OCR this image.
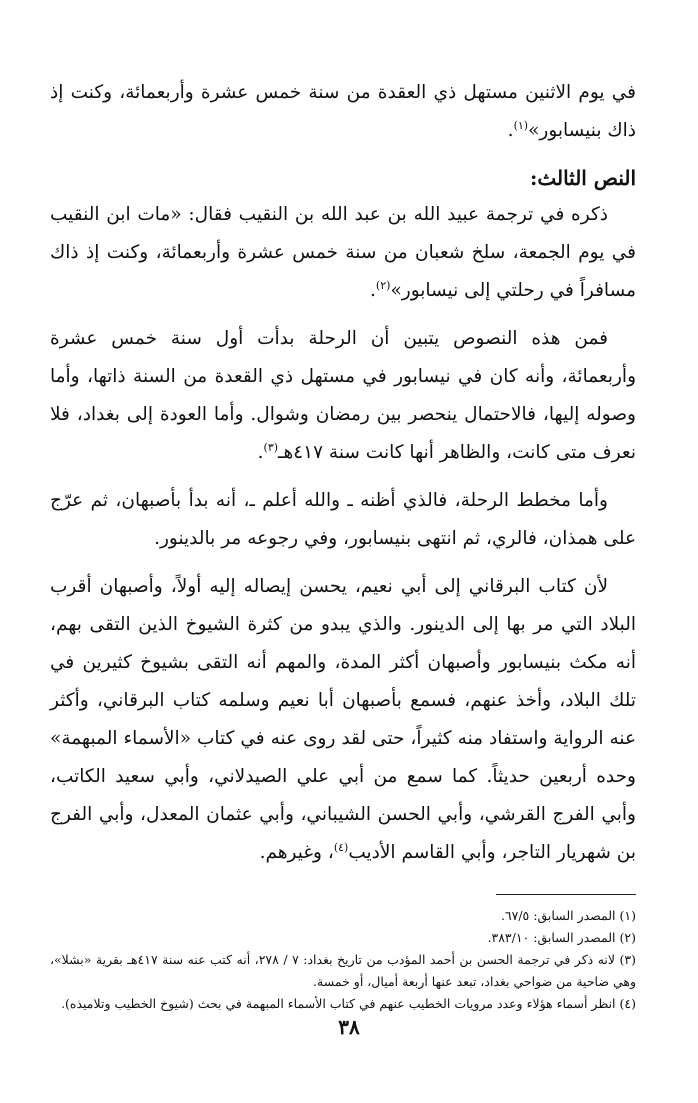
في يوم الاثنين مستهل ذي العقدة من سنة خمس عشرة وأربعمائة، وكنت إذ ذاك بنيسابور»$^{(١)}$.

النص الثالث:

ذكره في ترجمة عبيد الله بن عبد الله بن النقيب فقال: «مات ابن النقيب في يوم الجمعة، سلخ شعبان من سنة خمس عشرة وأربعمائة، وكنت إذ ذاك مسافراً في رحلتي إلى نيسابور»$^{(٢)}$.

فمن هذه النصوص يتبين أن الرحلة بدأت أول سنة خمس عشرة وأربعمائة، وأنه كان في نيسابور في مستهل ذي القعدة من السنة ذاتها، وأما وصوله إليها، فالاحتمال ينحصر بين رمضان وشوال. وأما العودة إلى بغداد، فلا نعرف متى كانت، والظاهر أنها كانت سنة ٤١٧هـ$^{(٣)}$.

وأما مخطط الرحلة، فالذي أظنه ـ والله أعلم ـ، أنه بدأ بأصبهان، ثم عرّج على همذان، فالري، ثم انتهى بنيسابور، وفي رجوعه مر بالدينور.

لأن كتاب البرقاني إلى أبي نعيم، يحسن إيصاله إليه أولاً، وأصبهان أقرب البلاد التي مر بها إلى الدينور. والذي يبدو من كثرة الشيوخ الذين التقى بهم، أنه مكث بنيسابور وأصبهان أكثر المدة، والمهم أنه التقى بشيوخ كثيرين في تلك البلاد، وأخذ عنهم، فسمع بأصبهان أبا نعيم وسلمه كتاب البرقاني، وأكثر عنه الرواية واستفاد منه كثيراً، حتى لقد روى عنه في كتاب «الأسماء المبهمة» وحده أربعين حديثاً. كما سمع من أبي علي الصيدلاني، وأبي سعيد الكاتب، وأبي الفرج القرشي، وأبي الحسن الشيباني، وأبي عثمان المعدل، وأبي الفرج بن شهريار التاجر، وأبي القاسم الأديب$^{(٤)}$، وغيرهم.

(١) المصدر السابق: ٦٧/٥.

(٢) المصدر السابق: ٣٨٣/١٠.

(٣) لانه ذكر في ترجمة الحسن بن أحمد المؤدب من تاريخ بغداد: ٧ / ٢٧٨، أنه كتب عنه سنة ٤١٧هـ بقرية «بشلا»، وهي ضاحية من ضواحي بغداد، تبعد عنها أربعة أميال، أو خمسة.

(٤) انظر أسماء هؤلاء وعدد مرويات الخطيب عنهم في كتاب الأسماء المبهمة في بحث (شيوخ الخطيب وتلاميذه).

٣٨
